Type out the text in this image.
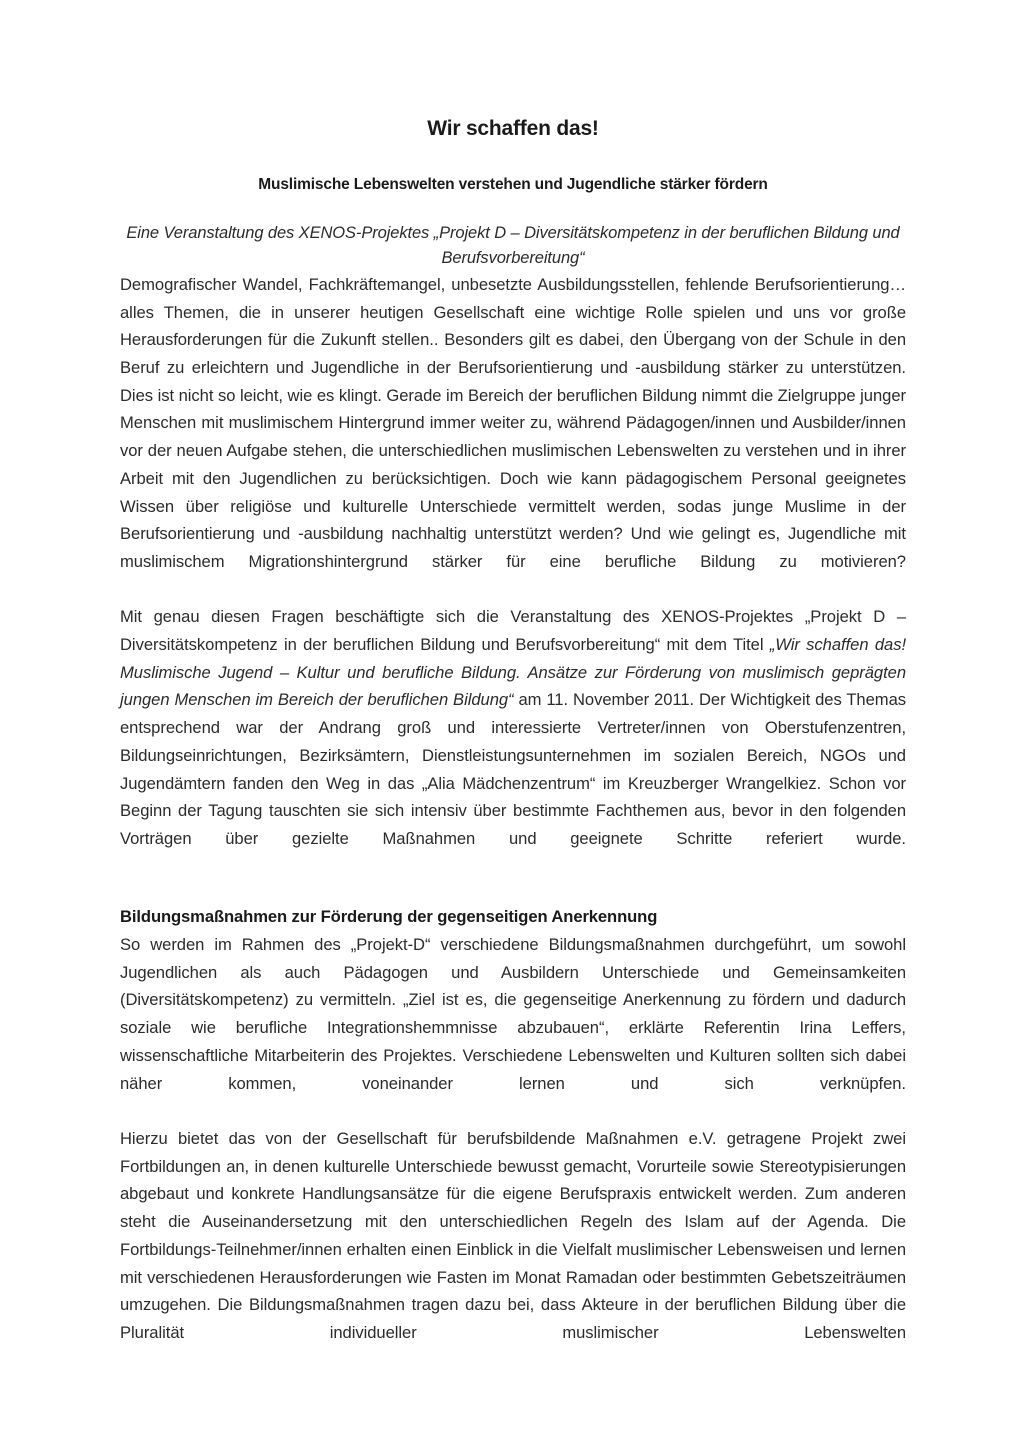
Wir schaffen das!
Muslimische Lebenswelten verstehen und Jugendliche stärker fördern

Eine Veranstaltung des XENOS-Projektes „Projekt D – Diversitätskompetenz in der beruflichen Bildung und Berufsvorbereitung“

Demografischer Wandel, Fachkräftemangel, unbesetzte Ausbildungsstellen, fehlende Berufsorientierung… alles Themen, die in unserer heutigen Gesellschaft eine wichtige Rolle spielen und uns vor große Herausforderungen für die Zukunft stellen.. Besonders gilt es dabei, den Übergang von der Schule in den Beruf zu erleichtern und Jugendliche in der Berufsorientierung und -ausbildung stärker zu unterstützen. Dies ist nicht so leicht, wie es klingt. Gerade im Bereich der beruflichen Bildung nimmt die Zielgruppe junger Menschen mit muslimischem Hintergrund immer weiter zu, während Pädagogen/innen und Ausbilder/innen vor der neuen Aufgabe stehen, die unterschiedlichen muslimischen Lebenswelten zu verstehen und in ihrer Arbeit mit den Jugendlichen zu berücksichtigen. Doch wie kann pädagogischem Personal geeignetes Wissen über religiöse und kulturelle Unterschiede vermittelt werden, sodas junge Muslime in der Berufsorientierung und -ausbildung nachhaltig unterstützt werden? Und wie gelingt es, Jugendliche mit muslimischem Migrationshintergrund stärker für eine berufliche Bildung zu motivieren?

Mit genau diesen Fragen beschäftigte sich die Veranstaltung des XENOS-Projektes „Projekt D – Diversitätskompetenz in der beruflichen Bildung und Berufsvorbereitung“ mit dem Titel „Wir schaffen das! Muslimische Jugend – Kultur und berufliche Bildung. Ansätze zur Förderung von muslimisch geprägten jungen Menschen im Bereich der beruflichen Bildung“ am 11. November 2011. Der Wichtigkeit des Themas entsprechend war der Andrang groß und interessierte Vertreter/innen von Oberstufenzentren, Bildungseinrichtungen, Bezirksämtern, Dienstleistungsunternehmen im sozialen Bereich, NGOs und Jugendämtern fanden den Weg in das „Alia Mädchenzentrum“ im Kreuzberger Wrangelkiez. Schon vor Beginn der Tagung tauschten sie sich intensiv über bestimmte Fachthemen aus, bevor in den folgenden Vorträgen über gezielte Maßnahmen und geeignete Schritte referiert wurde.

Bildungsmaßnahmen zur Förderung der gegenseitigen Anerkennung

So werden im Rahmen des „Projekt-D“ verschiedene Bildungsmaßnahmen durchgeführt, um sowohl Jugendlichen als auch Pädagogen und Ausbildern Unterschiede und Gemeinsamkeiten (Diversitätskompetenz) zu vermitteln. „Ziel ist es, die gegenseitige Anerkennung zu fördern und dadurch soziale wie berufliche Integrationshemmnisse abzubauen“, erklärte Referentin Irina Leffers, wissenschaftliche Mitarbeiterin des Projektes. Verschiedene Lebenswelten und Kulturen sollten sich dabei näher kommen, voneinander lernen und sich verknüpfen.

Hierzu bietet das von der Gesellschaft für berufsbildende Maßnahmen e.V. getragene Projekt zwei Fortbildungen an, in denen kulturelle Unterschiede bewusst gemacht, Vorurteile sowie Stereotypisierungen abgebaut und konkrete Handlungsansätze für die eigene Berufspraxis entwickelt werden. Zum anderen steht die Auseinandersetzung mit den unterschiedlichen Regeln des Islam auf der Agenda. Die Fortbildungs-Teilnehmer/innen erhalten einen Einblick in die Vielfalt muslimischer Lebensweisen und lernen mit verschiedenen Herausforderungen wie Fasten im Monat Ramadan oder bestimmten Gebetszeiträumen umzugehen. Die Bildungsmaßnahmen tragen dazu bei, dass Akteure in der beruflichen Bildung über die Pluralität individueller muslimischer Lebenswelten
